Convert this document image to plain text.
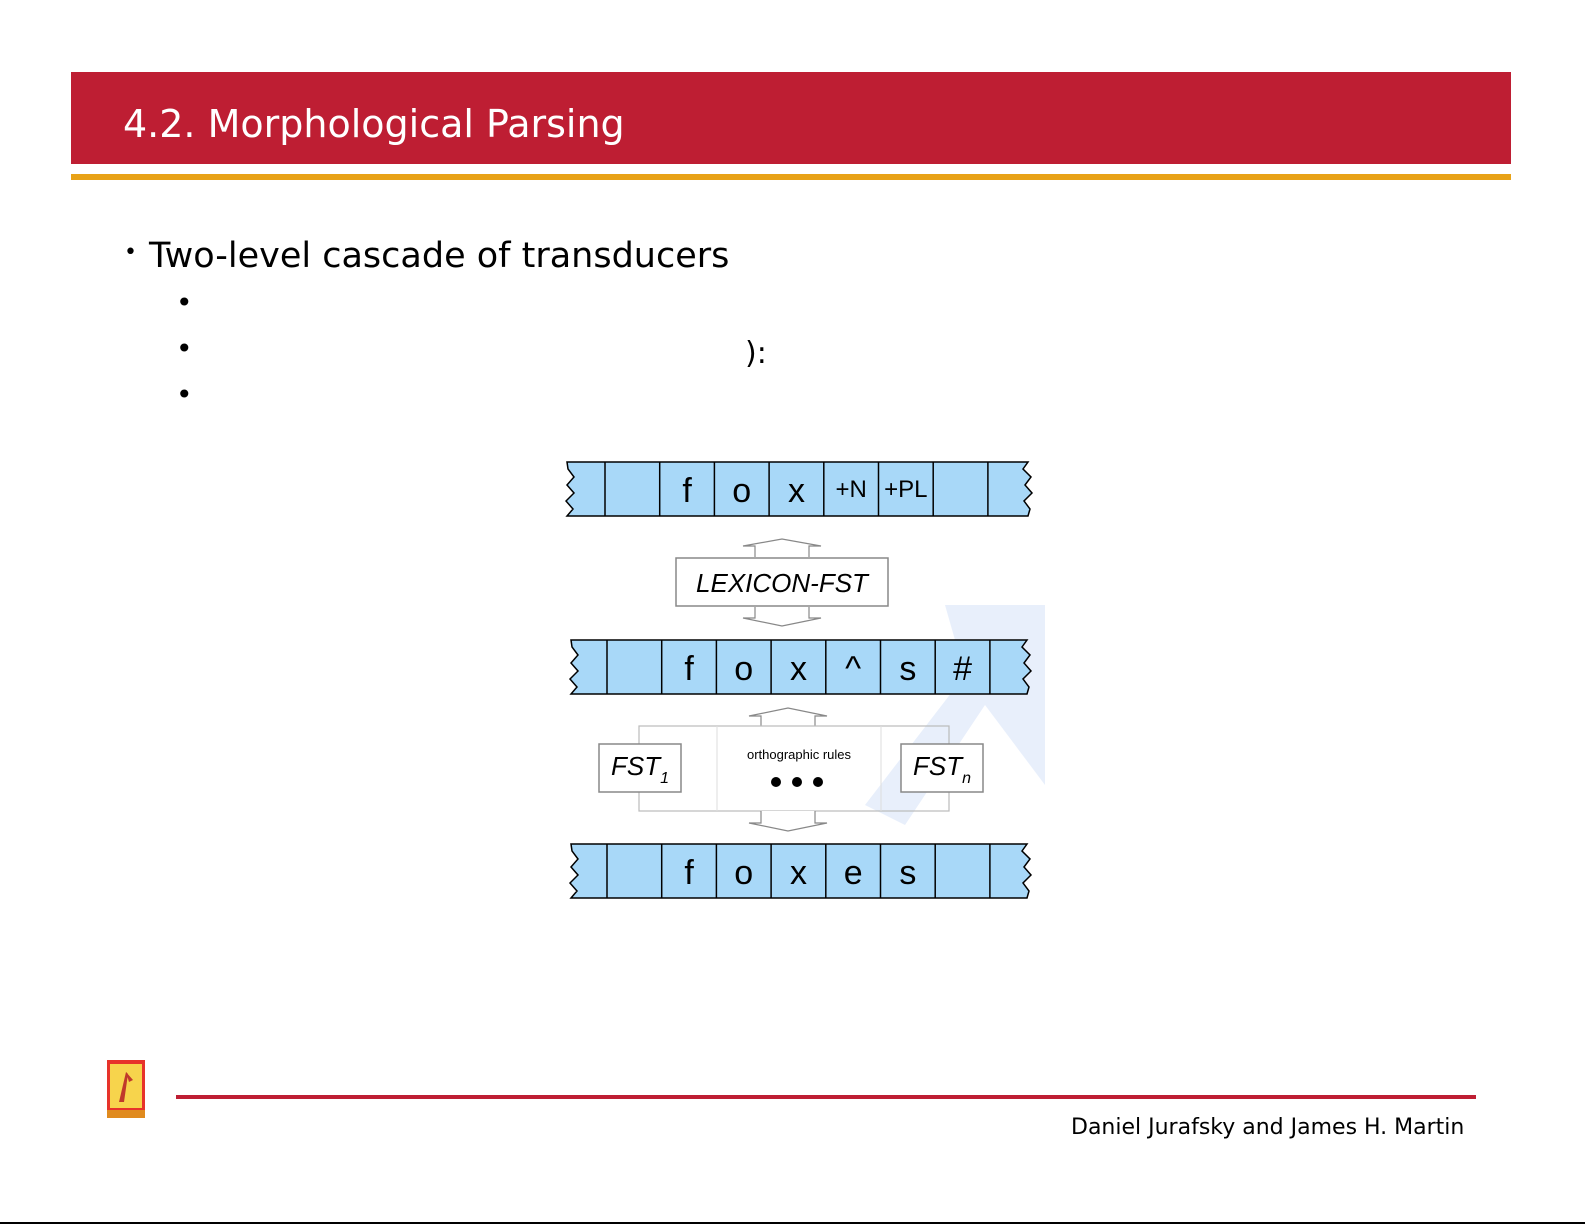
4.2. Morphological Parsing
• Two-level cascade of transducers
•
•	):
•
f o x +N +PL
LEXICON-FST
f o x ^ s #
$FST_1$	$FST_n$
orthographic rules
f o x e s
Daniel Jurafsky and James H. Martin
